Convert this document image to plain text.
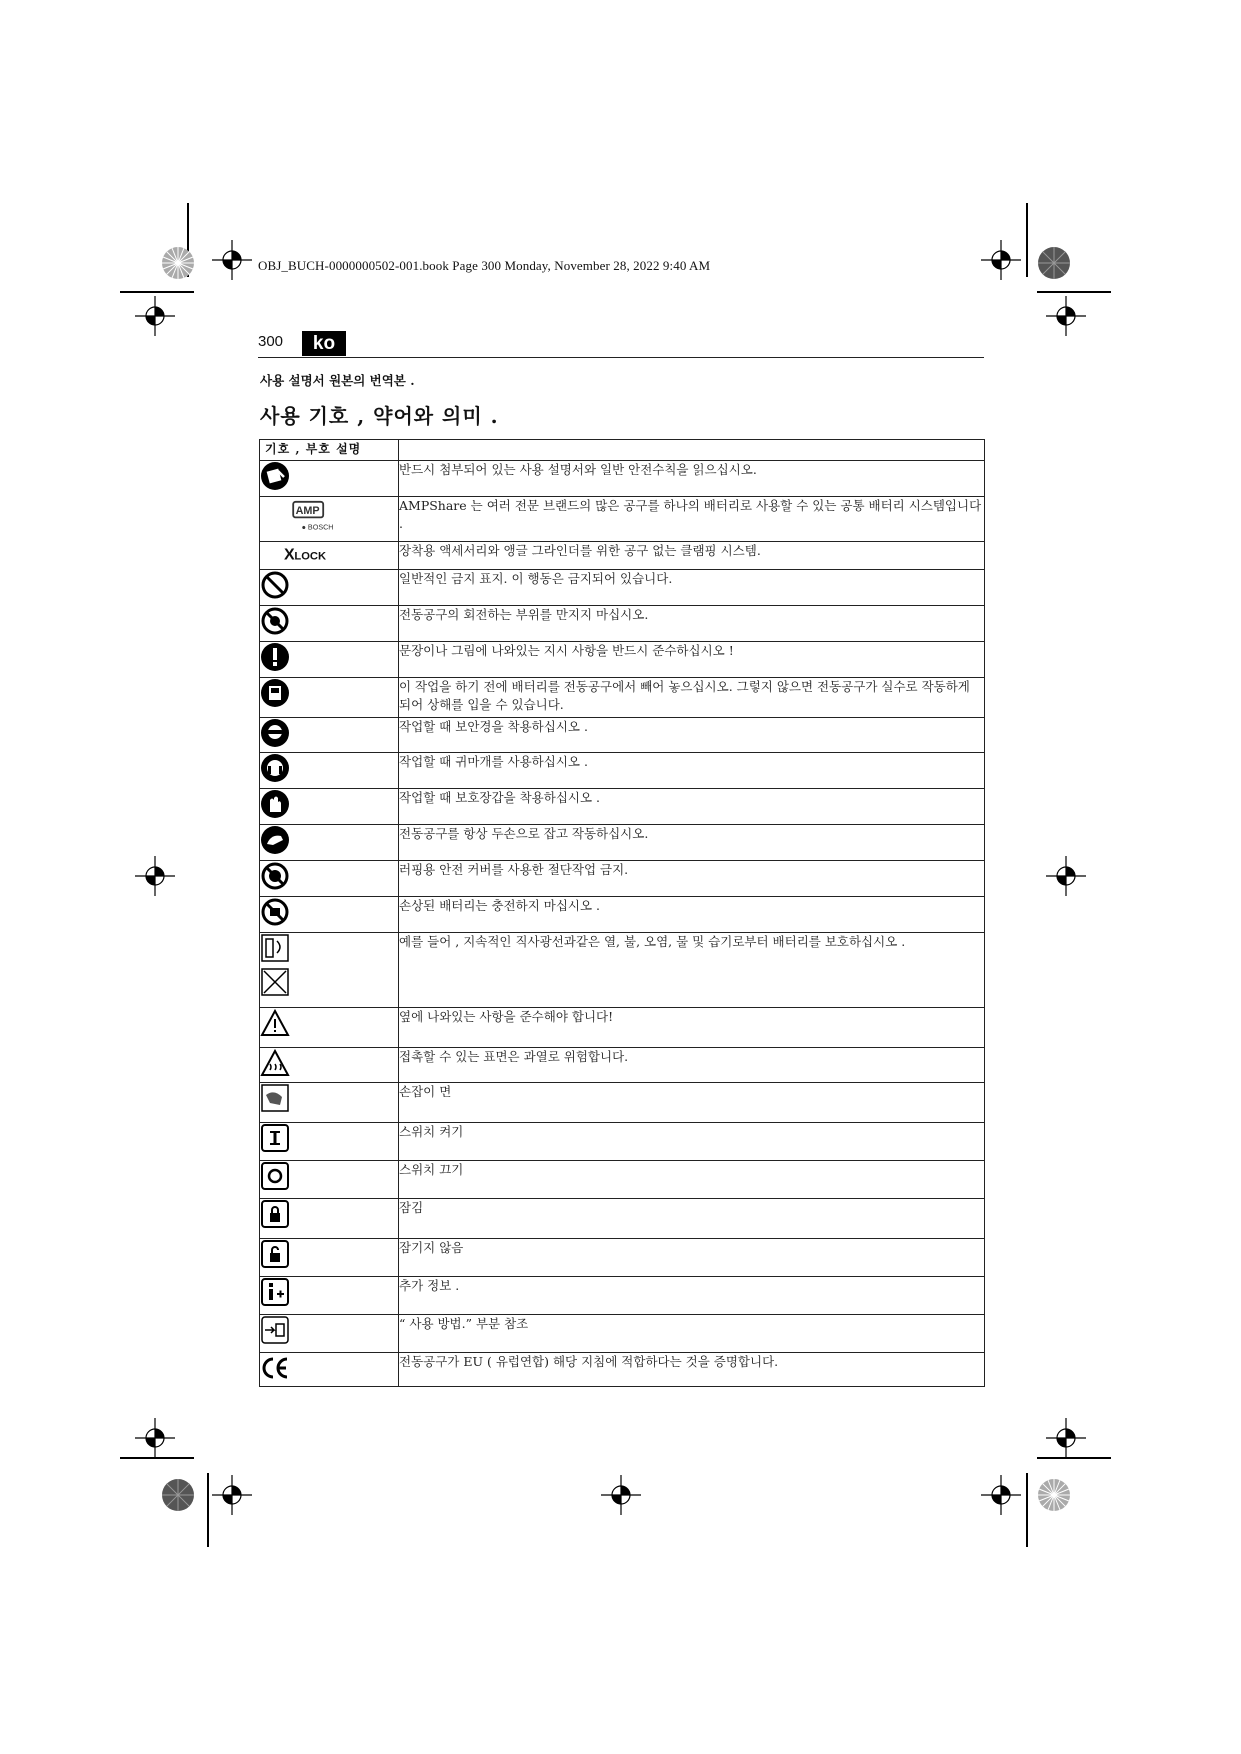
OBJ_BUCH-0000000502-001.book Page 300 Monday, November 28, 2022 9:40 AM
300	ko
사용 설명서 원본의 번역본 .
사용 기호 , 약어와 의미 .
기호 , 부호 설명	

	반드시 첨부되어 있는 사용 설명서와 일반 안전수칙을 읽으십시오.

AMP
● BOSCH	AMPShare 는 여러 전문 브랜드의 많은 공구를 하나의 배터리로 사용할 수 있는 공통 배터리 시스템입니다 .

X LOCK	장착용 액세서리와 앵글 그라인더를 위한 공구 없는 클램핑 시스템.

	일반적인 금지 표지. 이 행동은 금지되어 있습니다.

	전동공구의 회전하는 부위를 만지지 마십시오.

	문장이나 그림에 나와있는 지시 사항을 반드시 준수하십시오 !

	이 작업을 하기 전에 배터리를 전동공구에서 빼어 놓으십시오. 그렇지 않으면 전동공구가 실수로 작동하게 되어 상해를 입을 수 있습니다.

	작업할 때 보안경을 착용하십시오 .

	작업할 때 귀마개를 사용하십시오 .

	작업할 때 보호장갑을 착용하십시오 .

	전동공구를 항상 두손으로 잡고 작동하십시오.

	러핑용 안전 커버를 사용한 절단작업 금지.

	손상된 배터리는 충전하지 마십시오 .

	예를 들어 , 지속적인 직사광선과같은 열, 불, 오염, 물 및 습기로부터 배터리를 보호하십시오 .

	옆에 나와있는 사항을 준수해야 합니다!

	접촉할 수 있는 표면은 과열로 위험합니다.

	손잡이 면

	스위치 켜기

	스위치 끄기

	잠김

	잠기지 않음

	추가 정보 .

	“ 사용 방법.” 부분 참조

	전동공구가 EU ( 유럽연합) 해당 지침에 적합하다는 것을 증명합니다.
